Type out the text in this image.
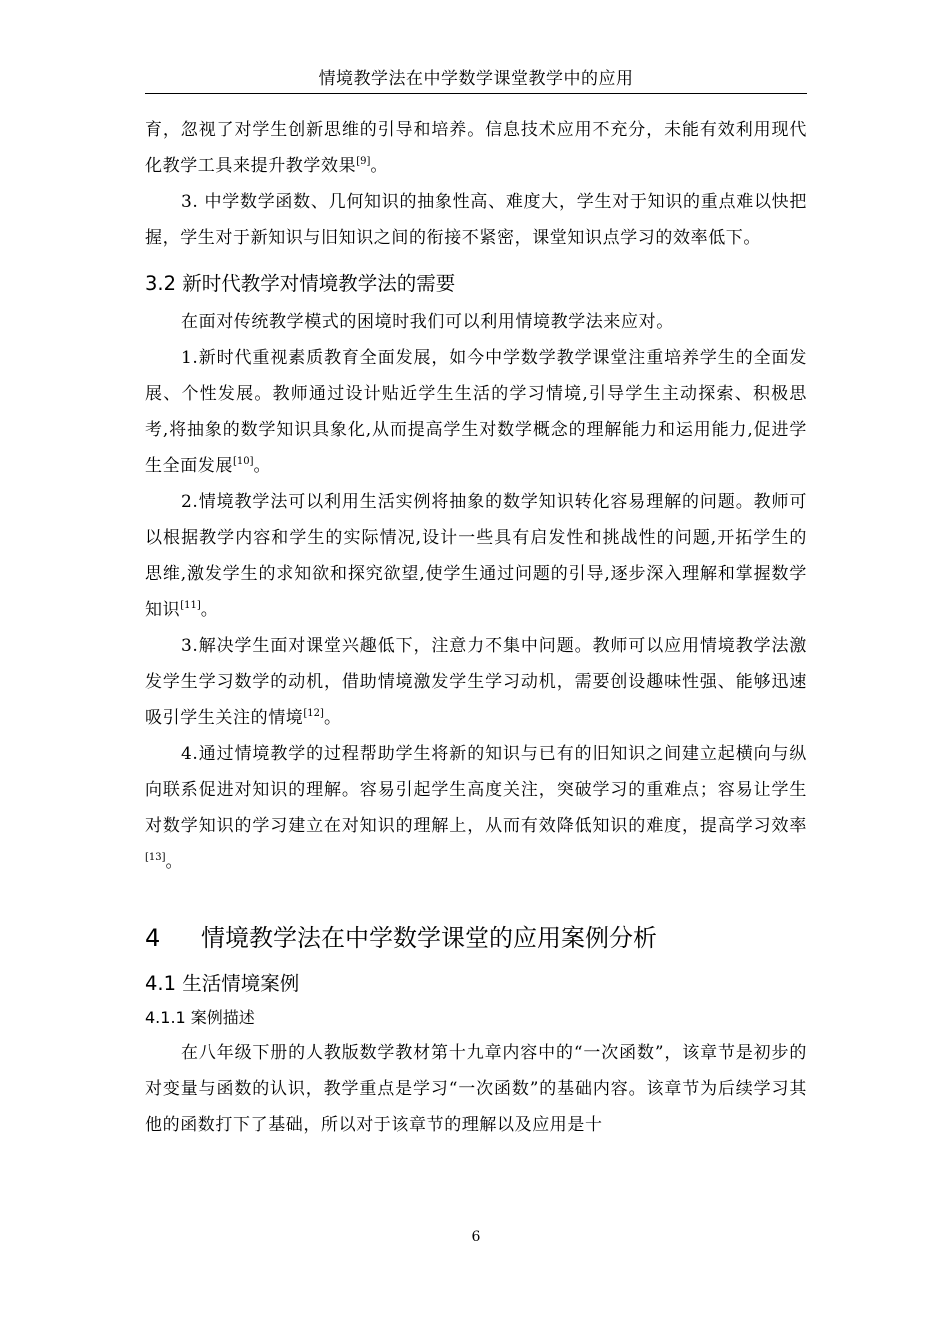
情境教学法在中学数学课堂教学中的应用

育，忽视了对学生创新思维的引导和培养。信息技术应用不充分，未能有效利用现代化教学工具来提升教学效果[9]。

3. 中学数学函数、几何知识的抽象性高、难度大，学生对于知识的重点难以快把握，学生对于新知识与旧知识之间的衔接不紧密，课堂知识点学习的效率低下。

3.2 新时代教学对情境教学法的需要

在面对传统教学模式的困境时我们可以利用情境教学法来应对。

1.新时代重视素质教育全面发展，如今中学数学教学课堂注重培养学生的全面发展、个性发展。教师通过设计贴近学生生活的学习情境,引导学生主动探索、积极思考,将抽象的数学知识具象化,从而提高学生对数学概念的理解能力和运用能力,促进学生全面发展[10]。

2.情境教学法可以利用生活实例将抽象的数学知识转化容易理解的问题。教师可以根据教学内容和学生的实际情况,设计一些具有启发性和挑战性的问题,开拓学生的思维,激发学生的求知欲和探究欲望,使学生通过问题的引导,逐步深入理解和掌握数学知识[11]。

3.解决学生面对课堂兴趣低下，注意力不集中问题。教师可以应用情境教学法激发学生学习数学的动机，借助情境激发学生学习动机，需要创设趣味性强、能够迅速吸引学生关注的情境[12]。

4.通过情境教学的过程帮助学生将新的知识与已有的旧知识之间建立起横向与纵向联系促进对知识的理解。容易引起学生高度关注，突破学习的重难点；容易让学生对数学知识的学习建立在对知识的理解上，从而有效降低知识的难度，提高学习效率[13]。

4 情境教学法在中学数学课堂的应用案例分析
4.1 生活情境案例
4.1.1 案例描述

在八年级下册的人教版数学教材第十九章内容中的“一次函数”，该章节是初步的对变量与函数的认识，教学重点是学习“一次函数”的基础内容。该章节为后续学习其他的函数打下了基础，所以对于该章节的理解以及应用是十

6
